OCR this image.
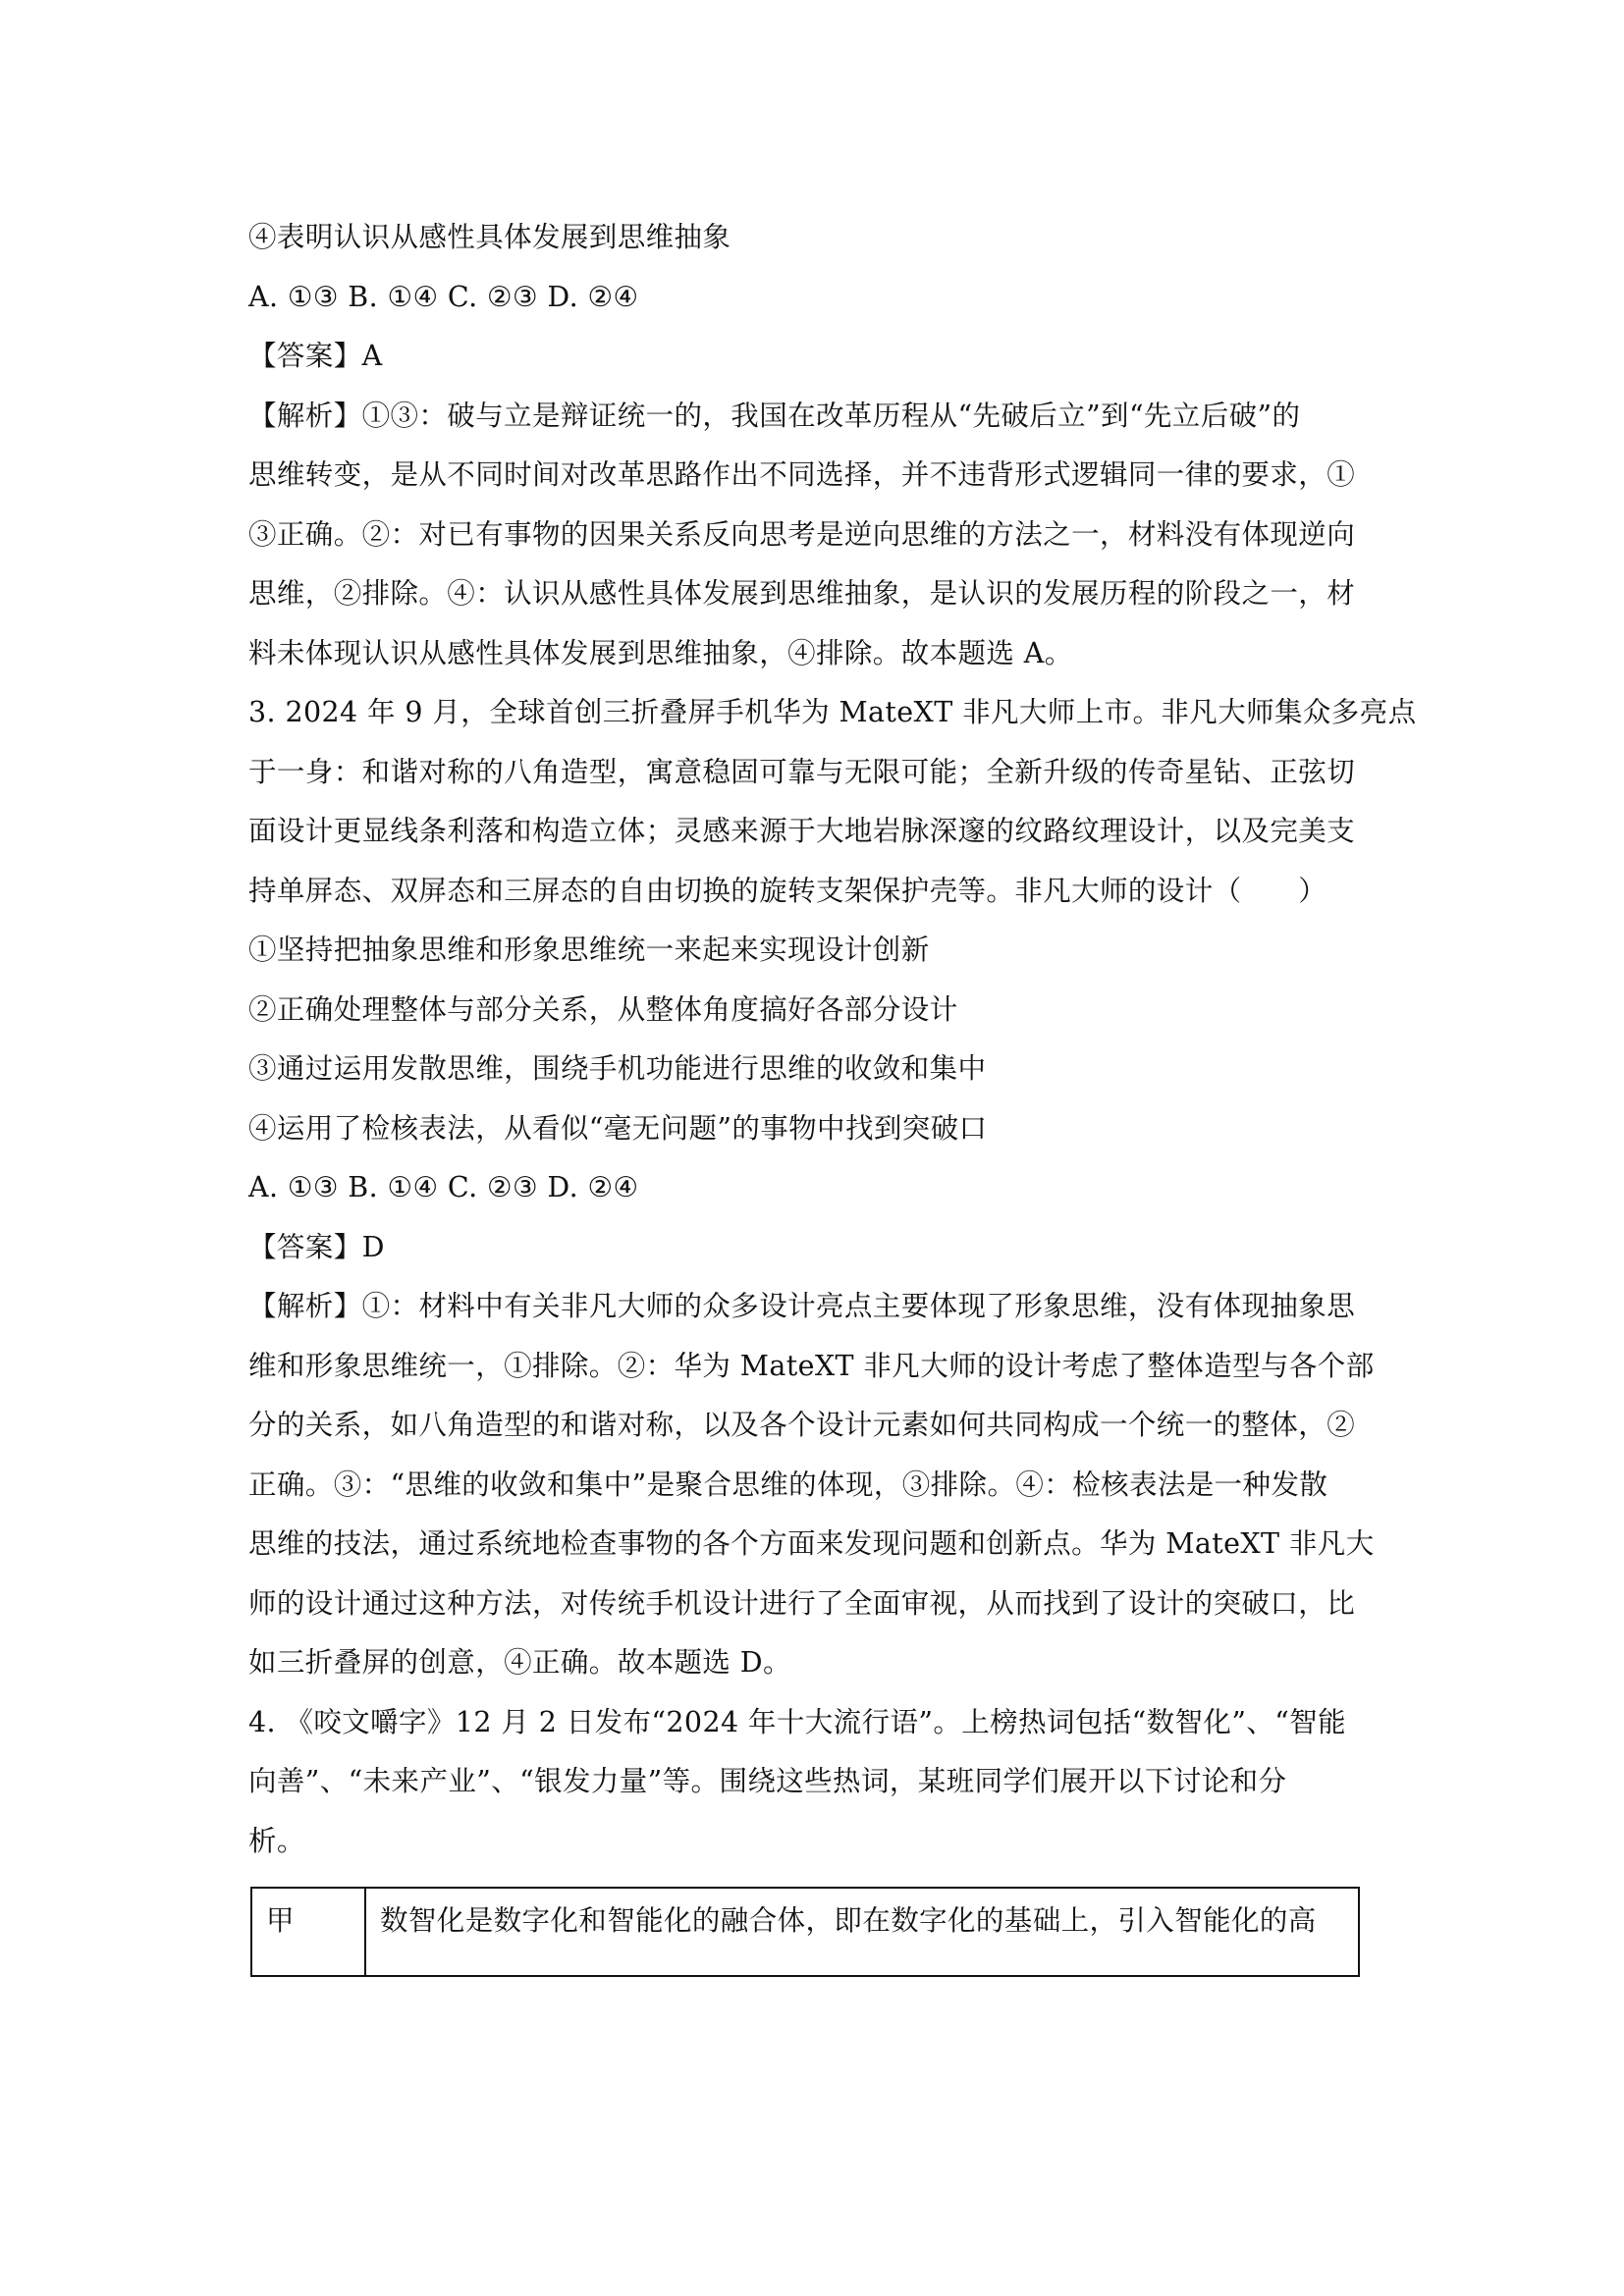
④表明认识从感性具体发展到思维抽象
A. ①③ B. ①④ C. ②③ D. ②④
【答案】A
【解析】①③：破与立是辩证统一的，我国在改革历程从“先破后立”到“先立后破”的
思维转变，是从不同时间对改革思路作出不同选择，并不违背形式逻辑同一律的要求，①
③正确。②：对已有事物的因果关系反向思考是逆向思维的方法之一，材料没有体现逆向
思维，②排除。④：认识从感性具体发展到思维抽象，是认识的发展历程的阶段之一，材
料未体现认识从感性具体发展到思维抽象，④排除。故本题选 A。
3. 2024 年 9 月，全球首创三折叠屏手机华为 MateXT 非凡大师上市。非凡大师集众多亮点
于一身：和谐对称的八角造型，寓意稳固可靠与无限可能；全新升级的传奇星钻、正弦切
面设计更显线条利落和构造立体；灵感来源于大地岩脉深邃的纹路纹理设计，以及完美支
持单屏态、双屏态和三屏态的自由切换的旋转支架保护壳等。非凡大师的设计（　　）
①坚持把抽象思维和形象思维统一来起来实现设计创新
②正确处理整体与部分关系，从整体角度搞好各部分设计
③通过运用发散思维，围绕手机功能进行思维的收敛和集中
④运用了检核表法，从看似“毫无问题”的事物中找到突破口
A. ①③ B. ①④ C. ②③ D. ②④
【答案】D
【解析】①：材料中有关非凡大师的众多设计亮点主要体现了形象思维，没有体现抽象思
维和形象思维统一，①排除。②：华为 MateXT 非凡大师的设计考虑了整体造型与各个部
分的关系，如八角造型的和谐对称，以及各个设计元素如何共同构成一个统一的整体，②
正确。③：“思维的收敛和集中”是聚合思维的体现，③排除。④：检核表法是一种发散
思维的技法，通过系统地检查事物的各个方面来发现问题和创新点。华为 MateXT 非凡大
师的设计通过这种方法，对传统手机设计进行了全面审视，从而找到了设计的突破口，比
如三折叠屏的创意，④正确。故本题选 D。
4. 《咬文嚼字》12 月 2 日发布“2024 年十大流行语”。上榜热词包括“数智化”、“智能
向善”、“未来产业”、“银发力量”等。围绕这些热词，某班同学们展开以下讨论和分
析。
甲	数智化是数字化和智能化的融合体，即在数字化的基础上，引入智能化的高
